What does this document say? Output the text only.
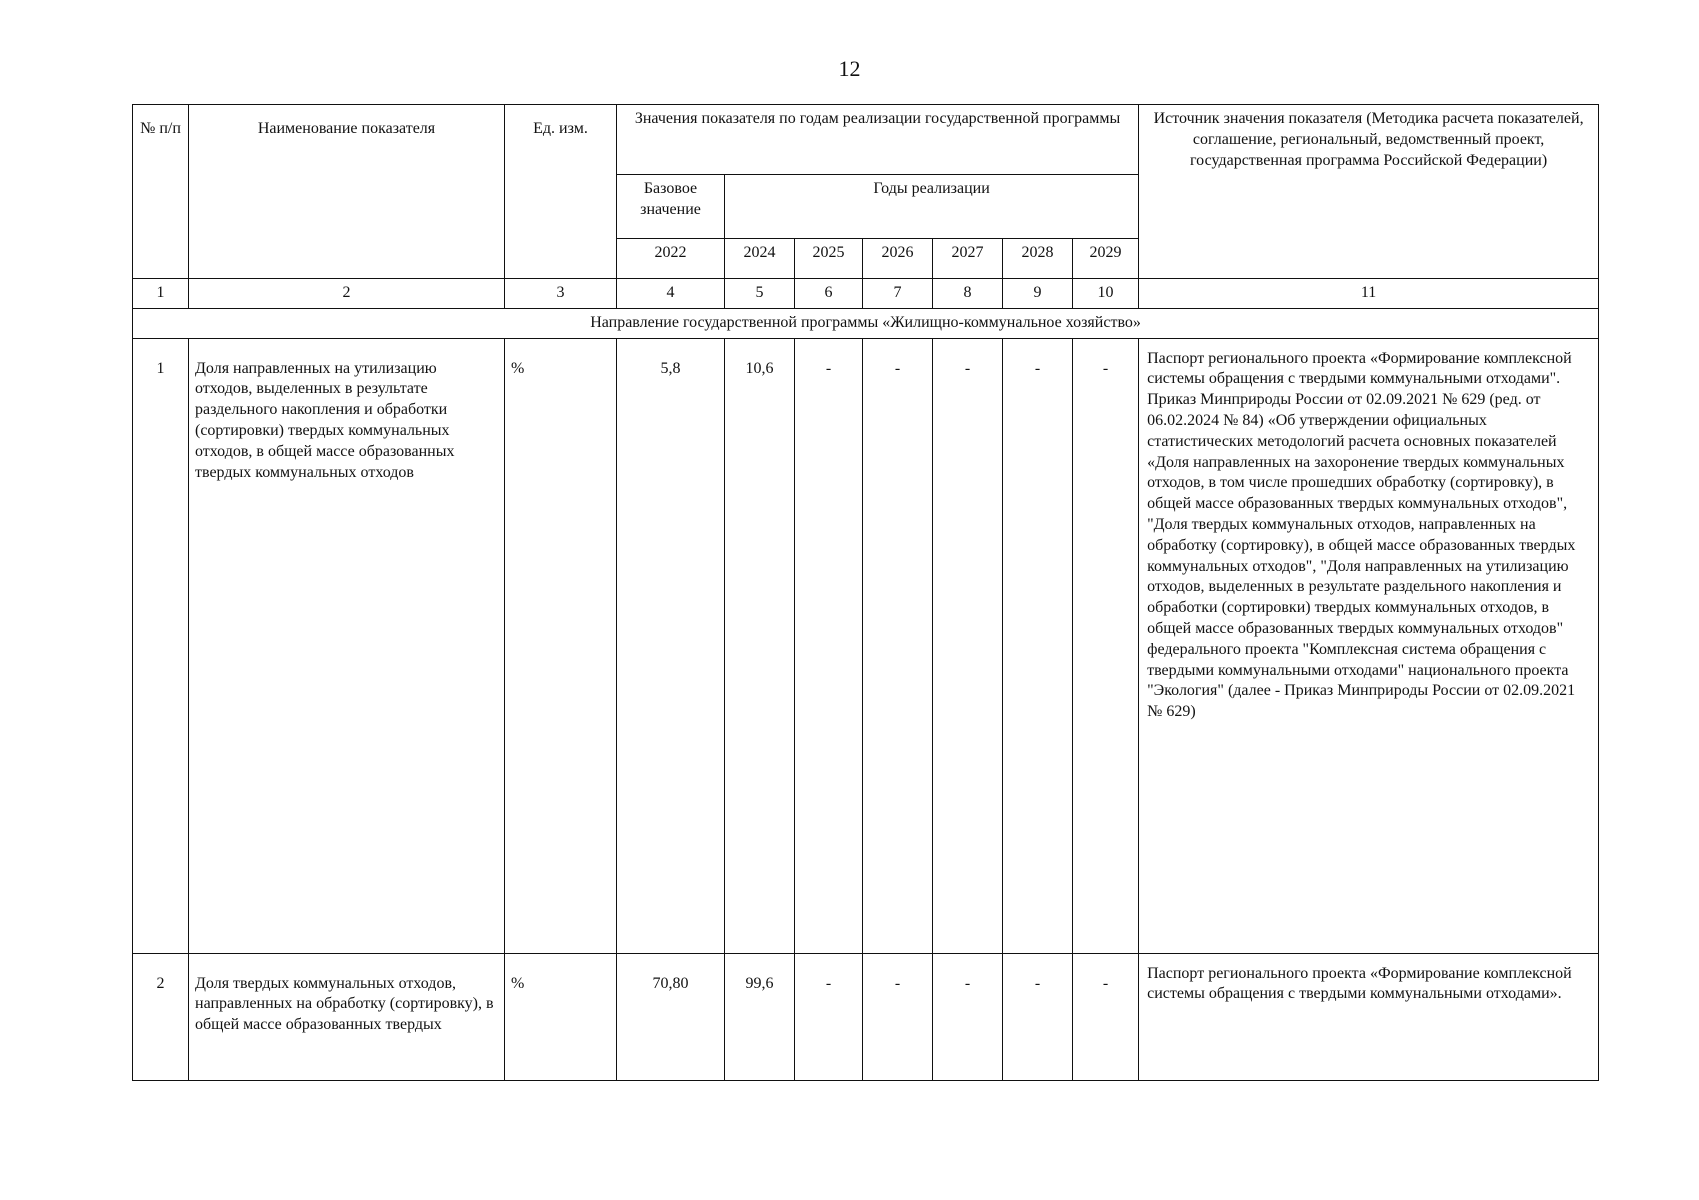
12
№ п/п	Наименование показателя	Ед. изм.	Значения показателя по годам реализации государственной программы							Источник значения показателя (Методика расчета показателей, соглашение, региональный, ведомственный проект, государственная программа Российской Федерации)
			Базовое значение	Годы реализации						
			2022	2024	2025	2026	2027	2028	2029	
1	2	3	4	5	6	7	8	9	10	11
Направление государственной программы «Жилищно-коммунальное хозяйство»										
1	Доля направленных на утилизацию отходов, выделенных в результате раздельного накопления и обработки (сортировки) твердых коммунальных отходов, в общей массе образованных твердых коммунальных отходов	%	5,8	10,6	-	-	-	-	-	Паспорт регионального проекта «Формирование комплексной системы обращения с твердыми коммунальными отходами". Приказ Минприроды России от 02.09.2021 № 629 (ред. от 06.02.2024 № 84) «Об утверждении официальных статистических методологий расчета основных показателей «Доля направленных на захоронение твердых коммунальных отходов, в том числе прошедших обработку (сортировку), в общей массе образованных твердых коммунальных отходов", "Доля твердых коммунальных отходов, направленных на обработку (сортировку), в общей массе образованных твердых коммунальных отходов", "Доля направленных на утилизацию отходов, выделенных в результате раздельного накопления и обработки (сортировки) твердых коммунальных отходов, в общей массе образованных твердых коммунальных отходов" федерального проекта "Комплексная система обращения с твердыми коммунальными отходами" национального проекта "Экология" (далее - Приказ Минприроды России от 02.09.2021 № 629)
2	Доля твердых коммунальных отходов, направленных на обработку (сортировку), в общей массе образованных твердых	%	70,80	99,6	-	-	-	-	-	Паспорт регионального проекта «Формирование комплексной системы обращения с твердыми коммунальными отходами».
